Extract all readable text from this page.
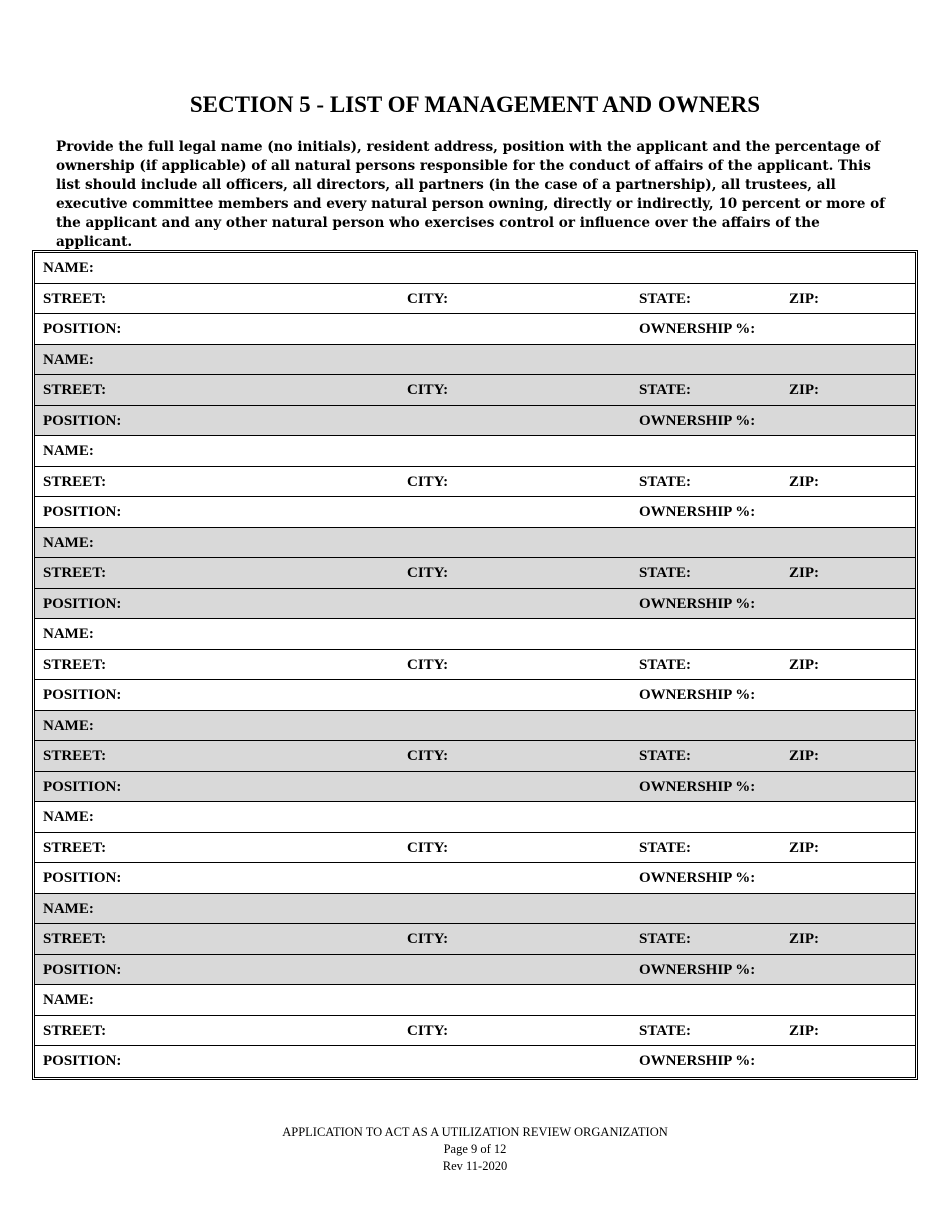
SECTION 5 - LIST OF MANAGEMENT AND OWNERS
Provide the full legal name (no initials), resident address, position with the applicant and the percentage of ownership (if applicable) of all natural persons responsible for the conduct of affairs of the applicant. This list should include all officers, all directors, all partners (in the case of a partnership), all trustees, all executive committee members and every natural person owning, directly or indirectly, 10 percent or more of the applicant and any other natural person who exercises control or influence over the affairs of the applicant.
NAME:
STREET:	CITY:	STATE:	ZIP:
POSITION:	OWNERSHIP %:
NAME:
STREET:	CITY:	STATE:	ZIP:
POSITION:	OWNERSHIP %:
NAME:
STREET:	CITY:	STATE:	ZIP:
POSITION:	OWNERSHIP %:
NAME:
STREET:	CITY:	STATE:	ZIP:
POSITION:	OWNERSHIP %:
NAME:
STREET:	CITY:	STATE:	ZIP:
POSITION:	OWNERSHIP %:
NAME:
STREET:	CITY:	STATE:	ZIP:
POSITION:	OWNERSHIP %:
NAME:
STREET:	CITY:	STATE:	ZIP:
POSITION:	OWNERSHIP %:
NAME:
STREET:	CITY:	STATE:	ZIP:
POSITION:	OWNERSHIP %:
NAME:
STREET:	CITY:	STATE:	ZIP:
POSITION:	OWNERSHIP %:
APPLICATION TO ACT AS A UTILIZATION REVIEW ORGANIZATION
Page 9 of 12
Rev 11-2020
